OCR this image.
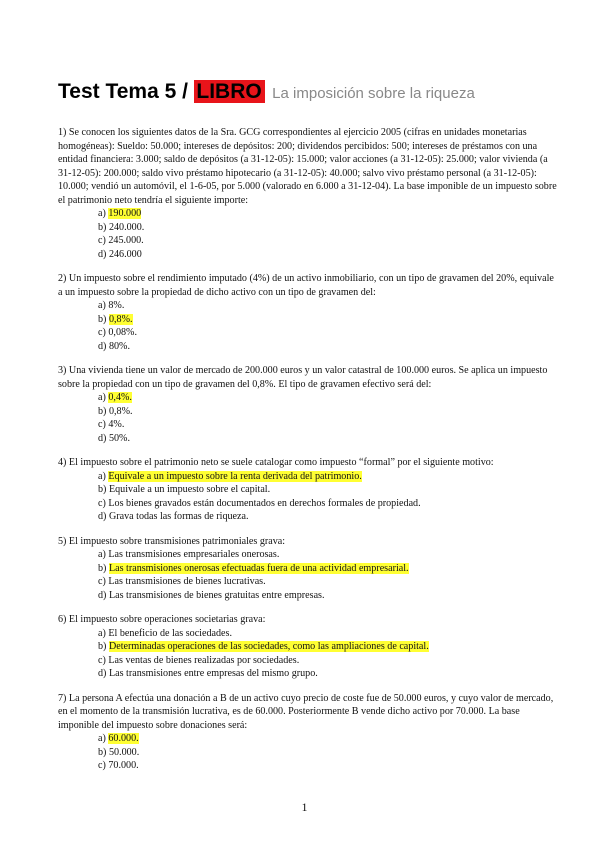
Test Tema 5 / LIBRO La imposición sobre la riqueza

1) Se conocen los siguientes datos de la Sra. GCG correspondientes al ejercicio 2005 (cifras en unidades monetarias homogéneas): Sueldo: 50.000; intereses de depósitos: 200; dividendos percibidos: 500; intereses de préstamos con una entidad financiera: 3.000; saldo de depósitos (a 31-12-05): 15.000; valor acciones (a 31-12-05): 25.000; valor vivienda (a 31-12-05): 200.000; saldo vivo préstamo hipotecario (a 31-12-05): 40.000; salvo vivo préstamo personal (a 31-12-05): 10.000; vendió un automóvil, el 1-6-05, por 5.000 (valorado en 6.000 a 31-12-04). La base imponible de un impuesto sobre el patrimonio neto tendría el siguiente importe:

a) 190.000
b) 240.000.
c) 245.000.
d) 246.000

2) Un impuesto sobre el rendimiento imputado (4%) de un activo inmobiliario, con un tipo de gravamen del 20%, equivale a un impuesto sobre la propiedad de dicho activo con un tipo de gravamen del:

a) 8%.
b) 0,8%.
c) 0,08%.
d) 80%.

3) Una vivienda tiene un valor de mercado de 200.000 euros y un valor catastral de 100.000 euros. Se aplica un impuesto sobre la propiedad con un tipo de gravamen del 0,8%. El tipo de gravamen efectivo será del:

a) 0,4%.
b) 0,8%.
c) 4%.
d) 50%.

4) El impuesto sobre el patrimonio neto se suele catalogar como impuesto “formal” por el siguiente motivo:

a) Equivale a un impuesto sobre la renta derivada del patrimonio.
b) Equivale a un impuesto sobre el capital.
c) Los bienes gravados están documentados en derechos formales de propiedad.
d) Grava todas las formas de riqueza.

5) El impuesto sobre transmisiones patrimoniales grava:

a) Las transmisiones empresariales onerosas.
b) Las transmisiones onerosas efectuadas fuera de una actividad empresarial.
c) Las transmisiones de bienes lucrativas.
d) Las transmisiones de bienes gratuitas entre empresas.

6) El impuesto sobre operaciones societarias grava:

a) El beneficio de las sociedades.
b) Determinadas operaciones de las sociedades, como las ampliaciones de capital.
c) Las ventas de bienes realizadas por sociedades.
d) Las transmisiones entre empresas del mismo grupo.

7) La persona A efectúa una donación a B de un activo cuyo precio de coste fue de 50.000 euros, y cuyo valor de mercado, en el momento de la transmisión lucrativa, es de 60.000. Posteriormente B vende dicho activo por 70.000. La base imponible del impuesto sobre donaciones será:

a) 60.000.
b) 50.000.
c) 70.000.
1
